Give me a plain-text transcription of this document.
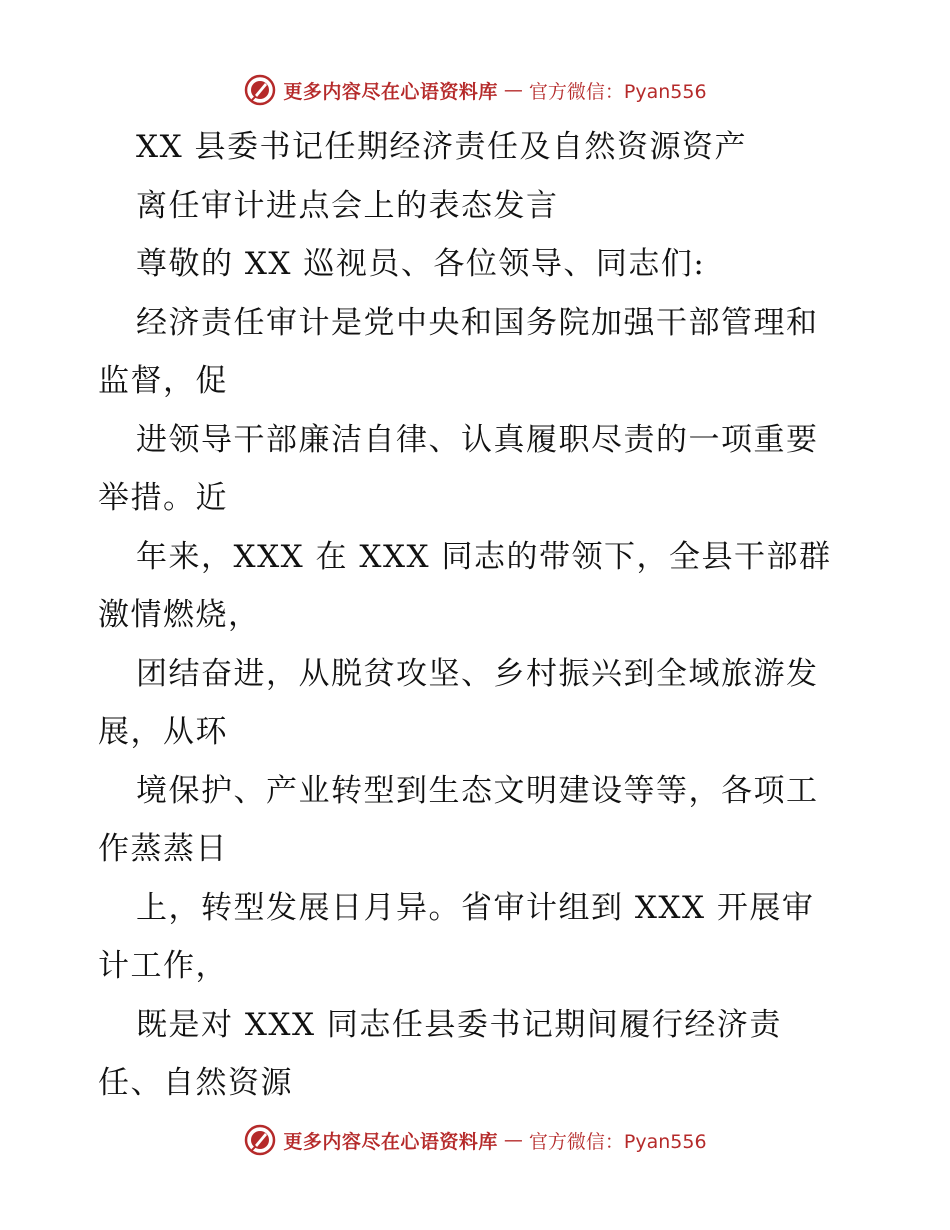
更多内容尽在心语资料库 — 官方微信：Pyan556
XX 县委书记任期经济责任及自然资源资产
离任审计进点会上的表态发言
尊敬的 XX 巡视员、各位领导、同志们:
经济责任审计是党中央和国务院加强干部管理和
监督，促
进领导干部廉洁自律、认真履职尽责的一项重要
举措。近
年来，XXX 在 XXX 同志的带领下，全县干部群
激情燃烧，
团结奋进，从脱贫攻坚、乡村振兴到全域旅游发
展，从环
境保护、产业转型到生态文明建设等等，各项工
作蒸蒸日
上，转型发展日月异。省审计组到 XXX 开展审
计工作，
既是对 XXX 同志任县委书记期间履行经济责
任、自然资源
更多内容尽在心语资料库 — 官方微信：Pyan556
